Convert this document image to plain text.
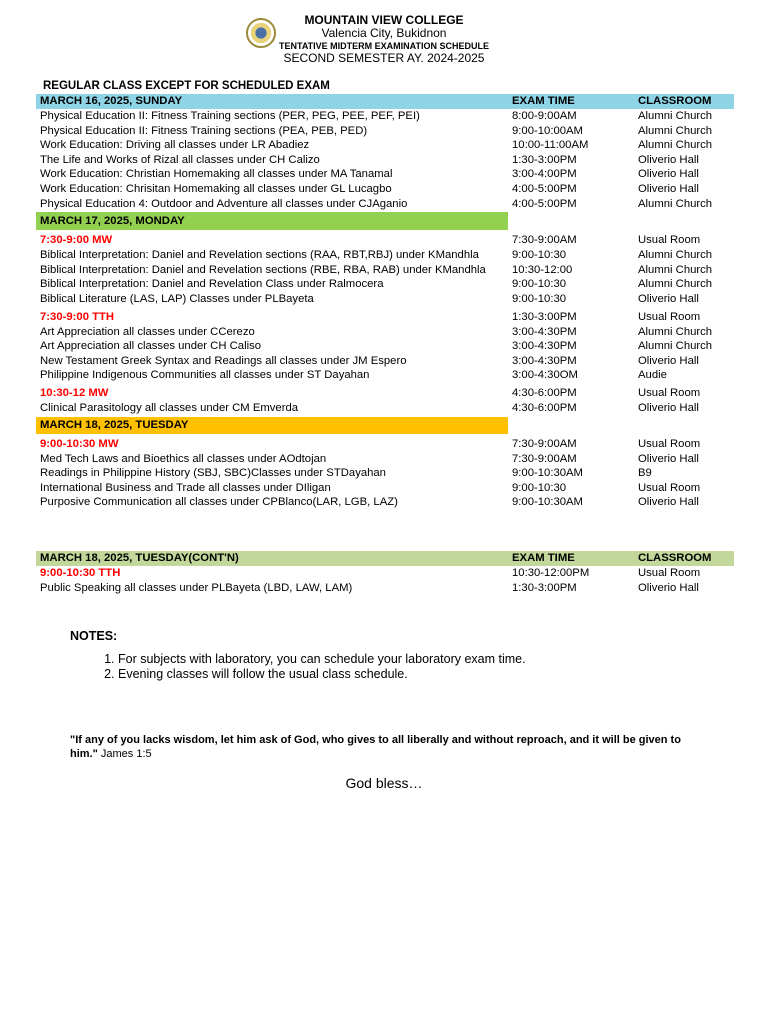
MOUNTAIN VIEW COLLEGE
Valencia City, Bukidnon
TENTATIVE MIDTERM EXAMINATION SCHEDULE
SECOND SEMESTER AY. 2024-2025
REGULAR CLASS EXCEPT FOR SCHEDULED EXAM
MARCH 16, 2025, SUNDAY	EXAM TIME	CLASSROOM
Physical Education II: Fitness Training sections (PER, PEG, PEE, PEF, PEI)	8:00-9:00AM	Alumni Church
Physical Education II: Fitness Training sections (PEA, PEB, PED)	9:00-10:00AM	Alumni Church
Work Education: Driving all classes under LR Abadiez	10:00-11:00AM	Alumni Church
The Life and Works of Rizal all classes under CH Calizo	1:30-3:00PM	Oliverio Hall
Work Education: Christian Homemaking all classes under MA Tanamal	3:00-4:00PM	Oliverio Hall
Work Education: Chrisitan Homemaking all classes under GL Lucagbo	4:00-5:00PM	Oliverio Hall
Physical Education 4: Outdoor and Adventure all classes under CJAganio	4:00-5:00PM	Alumni Church
MARCH 17, 2025, MONDAY
7:30-9:00 MW	7:30-9:00AM	Usual Room
Biblical Interpretation: Daniel and Revelation sections (RAA, RBT,RBJ) under KMandhla	9:00-10:30	Alumni Church
Biblical Interpretation: Daniel and Revelation sections (RBE, RBA, RAB) under KMandhla 10:30-12:00	Alumni Church
Biblical Interpretation: Daniel and Revelation Class under Ralmocera	9:00-10:30	Alumni Church
Biblical Literature (LAS, LAP) Classes under PLBayeta	9:00-10:30	Oliverio Hall
7:30-9:00 TTH	1:30-3:00PM	Usual Room
Art Appreciation all classes under CCerezo	3:00-4:30PM	Alumni Church
Art Appreciation all classes under CH Caliso	3:00-4:30PM	Alumni Church
New Testament Greek Syntax and Readings all classes under JM Espero	3:00-4:30PM	Oliverio Hall
Philippine Indigenous Communities all classes under ST Dayahan	3:00-4:30OM	Audie
10:30-12 MW	4:30-6:00PM	Usual Room
Clinical Parasitology all classes under CM Emverda	4:30-6:00PM	Oliverio Hall
MARCH 18, 2025, TUESDAY
9:00-10:30 MW	7:30-9:00AM	Usual Room
Med Tech Laws and Bioethics all classes under AOdtojan	7:30-9:00AM	Oliverio Hall
Readings in Philippine History (SBJ, SBC)Classes under STDayahan	9:00-10:30AM	B9
International Business and Trade all classes under DIligan	9:00-10:30	Usual Room
Purposive Communication all classes under CPBlanco(LAR, LGB, LAZ)	9:00-10:30AM	Oliverio Hall
MARCH 18, 2025, TUESDAY(CONT'N)	EXAM TIME	CLASSROOM
9:00-10:30 TTH	10:30-12:00PM	Usual Room
Public Speaking all classes under PLBayeta (LBD, LAW, LAM)	1:30-3:00PM	Oliverio Hall
NOTES:
1. For subjects with laboratory, you can schedule your laboratory exam time.
2. Evening classes will follow the usual class schedule.
"If any of you lacks wisdom, let him ask of God, who gives to all liberally and without reproach, and it will be given to him." James 1:5
God bless…
